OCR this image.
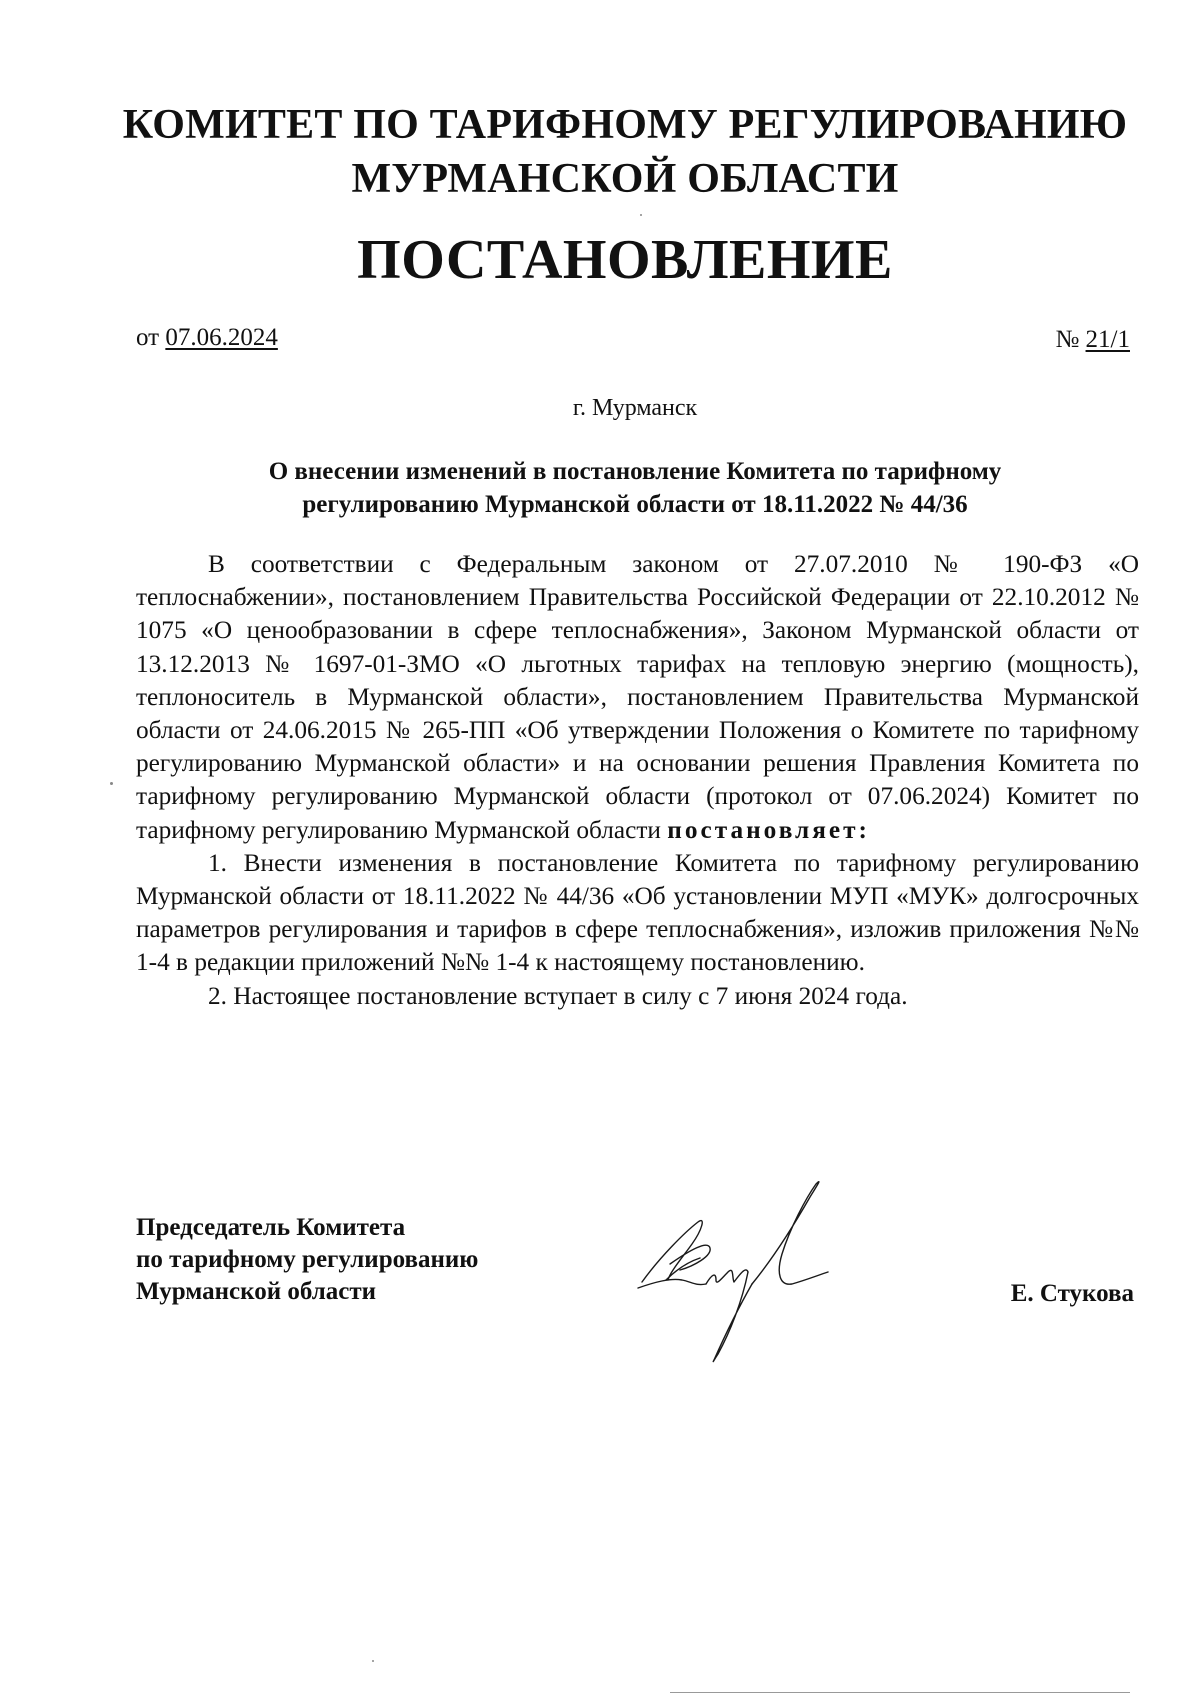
КОМИТЕТ ПО ТАРИФНОМУ РЕГУЛИРОВАНИЮ
МУРМАНСКОЙ ОБЛАСТИ
ПОСТАНОВЛЕНИЕ
от 07.06.2024	№ 21/1
г. Мурманск
О внесении изменений в постановление Комитета по тарифному
регулированию Мурманской области от 18.11.2022 № 44/36

В соответствии с Федеральным законом от 27.07.2010 № 190-ФЗ «О теплоснабжении», постановлением Правительства Российской Федерации от 22.10.2012 № 1075 «О ценообразовании в сфере теплоснабжения», Законом Мурманской области от 13.12.2013 № 1697-01-ЗМО «О льготных тарифах на тепловую энергию (мощность), теплоноситель в Мурманской области», постановлением Правительства Мурманской области от 24.06.2015 № 265-ПП «Об утверждении Положения о Комитете по тарифному регулированию Мурманской области» и на основании решения Правления Комитета по тарифному регулированию Мурманской области (протокол от 07.06.2024) Комитет по тарифному регулированию Мурманской области постановляет:

1. Внести изменения в постановление Комитета по тарифному регулированию Мурманской области от 18.11.2022 № 44/36 «Об установлении МУП «МУК» долгосрочных параметров регулирования и тарифов в сфере теплоснабжения», изложив приложения №№ 1-4 в редакции приложений №№ 1-4 к настоящему постановлению.

2. Настоящее постановление вступает в силу с 7 июня 2024 года.

Председатель Комитета
по тарифному регулированию
Мурманской области	Е. Стукова
